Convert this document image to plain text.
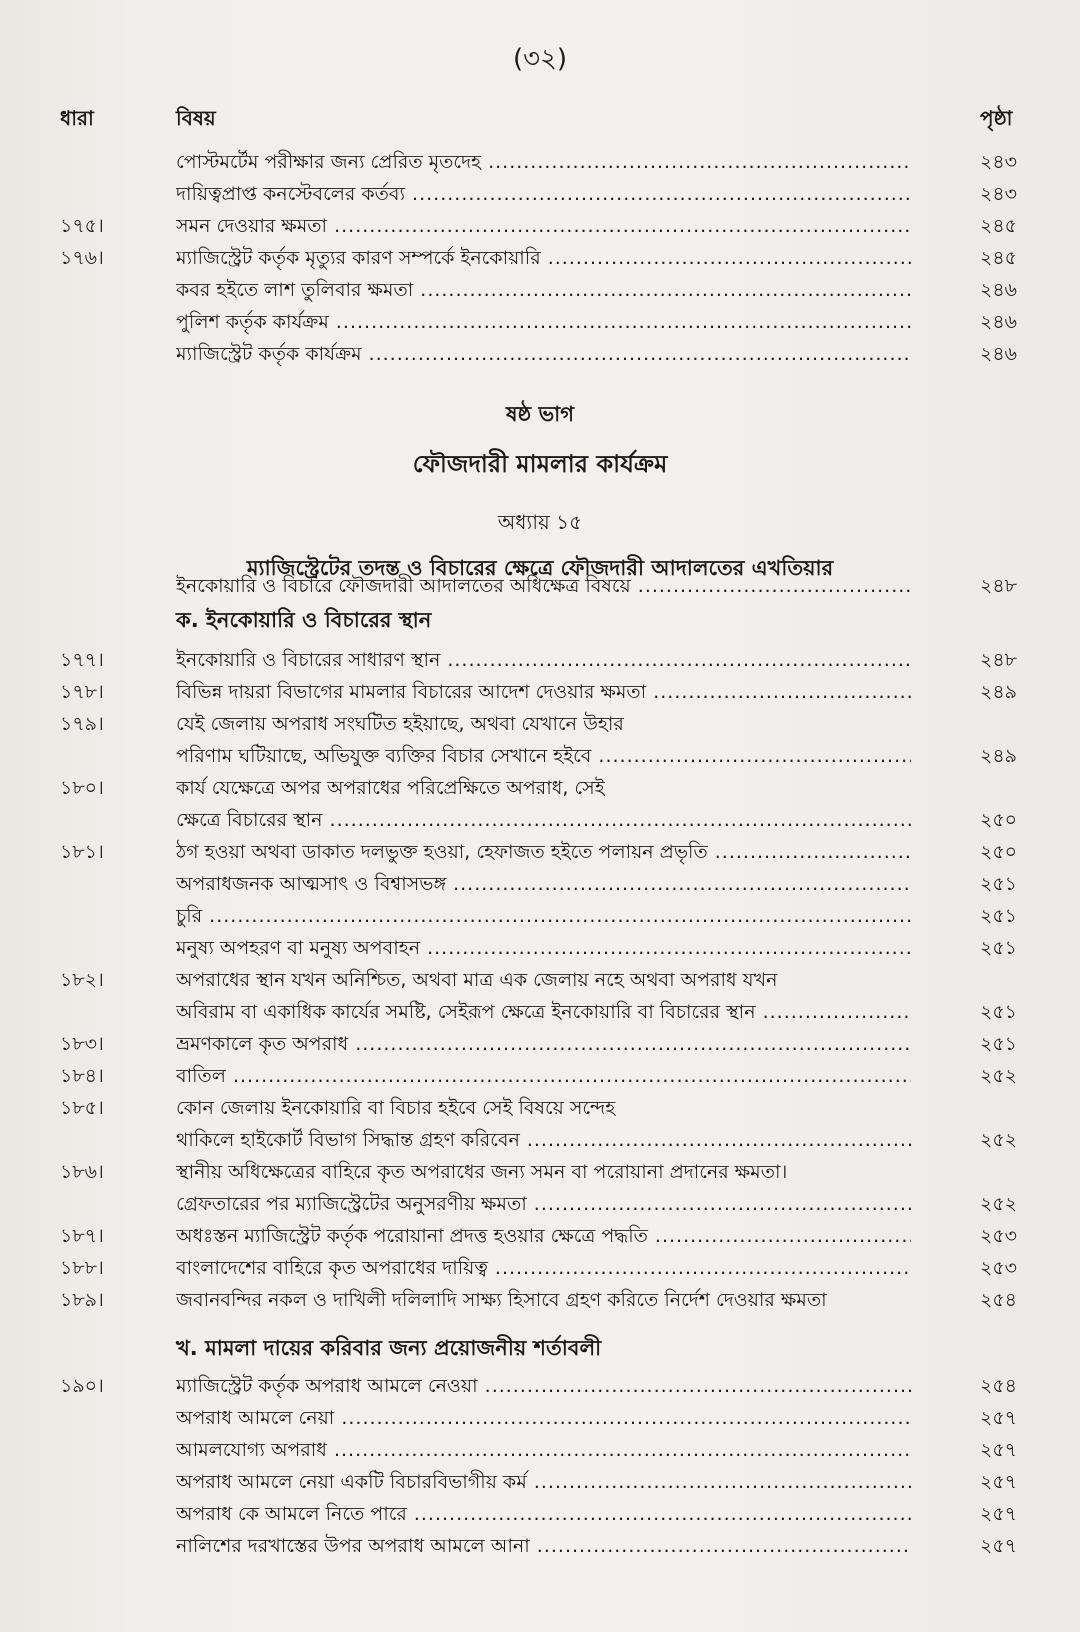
(৩২)
ধারা	বিষয়	পৃষ্ঠা
পোস্টমর্টেম পরীক্ষার জন্য প্রেরিত মৃতদেহ .....	২৪৩
দায়িত্বপ্রাপ্ত কনস্টেবলের কর্তব্য .....	২৪৩
১৭৫।	সমন দেওয়ার ক্ষমতা .....	২৪৫
১৭৬।	ম্যাজিস্ট্রেট কর্তৃক মৃত্যুর কারণ সম্পর্কে ইনকোয়ারি .....	২৪৫
কবর হইতে লাশ তুলিবার ক্ষমতা .....	২৪৬
পুলিশ কর্তৃক কার্যক্রম .....	২৪৬
ম্যাজিস্ট্রেট কর্তৃক কার্যক্রম .....	২৪৬
ষষ্ঠ ভাগ
ফৌজদারী মামলার কার্যক্রম
অধ্যায় ১৫
ম্যাজিস্ট্রেটের তদন্ত ও বিচারের ক্ষেত্রে ফৌজদারী আদালতের এখতিয়ার
ইনকোয়ারি ও বিচারে ফৌজদারী আদালতের অধিক্ষেত্র বিষয়ে .....	২৪৮
ক. ইনকোয়ারি ও বিচারের স্থান
১৭৭।	ইনকোয়ারি ও বিচারের সাধারণ স্থান .....	২৪৮
১৭৮।	বিভিন্ন দায়রা বিভাগের মামলার বিচারের আদেশ দেওয়ার ক্ষমতা .....	২৪৯
১৭৯।	যেই জেলায় অপরাধ সংঘটিত হইয়াছে, অথবা যেখানে উহার
পরিণাম ঘটিয়াছে, অভিযুক্ত ব্যক্তির বিচার সেখানে হইবে .....	২৪৯
১৮০।	কার্য যেক্ষেত্রে অপর অপরাধের পরিপ্রেক্ষিতে অপরাধ, সেই
ক্ষেত্রে বিচারের স্থান .....	২৫০
১৮১।	ঠগ হওয়া অথবা ডাকাত দলভুক্ত হওয়া, হেফাজত হইতে পলায়ন প্রভৃতি .....	২৫০
অপরাধজনক আত্মসাৎ ও বিশ্বাসভঙ্গ .....	২৫১
চুরি .....	২৫১
মনুষ্য অপহরণ বা মনুষ্য অপবাহন .....	২৫১
১৮২।	অপরাধের স্থান যখন অনিশ্চিত, অথবা মাত্র এক জেলায় নহে অথবা অপরাধ যখন
অবিরাম বা একাধিক কার্যের সমষ্টি, সেইরূপ ক্ষেত্রে ইনকোয়ারি বা বিচারের স্থান .....	২৫১
১৮৩।	ভ্রমণকালে কৃত অপরাধ .....	২৫১
১৮৪।	বাতিল .....	২৫২
১৮৫।	কোন জেলায় ইনকোয়ারি বা বিচার হইবে সেই বিষয়ে সন্দেহ
থাকিলে হাইকোর্ট বিভাগ সিদ্ধান্ত গ্রহণ করিবেন .....	২৫২
১৮৬।	স্থানীয় অধিক্ষেত্রের বাহিরে কৃত অপরাধের জন্য সমন বা পরোয়ানা প্রদানের ক্ষমতা।
গ্রেফতারের পর ম্যাজিস্ট্রেটের অনুসরণীয় ক্ষমতা .....	২৫২
১৮৭।	অধঃস্তন ম্যাজিস্ট্রেট কর্তৃক পরোয়ানা প্রদত্ত হওয়ার ক্ষেত্রে পদ্ধতি .....	২৫৩
১৮৮।	বাংলাদেশের বাহিরে কৃত অপরাধের দায়িত্ব .....	২৫৩
১৮৯।	জবানবন্দির নকল ও দাখিলী দলিলাদি সাক্ষ্য হিসাবে গ্রহণ করিতে নির্দেশ দেওয়ার ক্ষমতা	২৫৪
খ. মামলা দায়ের করিবার জন্য প্রয়োজনীয় শর্তাবলী
১৯০।	ম্যাজিস্ট্রেট কর্তৃক অপরাধ আমলে নেওয়া .....	২৫৪
অপরাধ আমলে নেয়া .....	২৫৭
আমলযোগ্য অপরাধ .....	২৫৭
অপরাধ আমলে নেয়া একটি বিচারবিভাগীয় কর্ম .....	২৫৭
অপরাধ কে আমলে নিতে পারে .....	২৫৭
নালিশের দরখাস্তের উপর অপরাধ আমলে আনা .....	২৫৭
